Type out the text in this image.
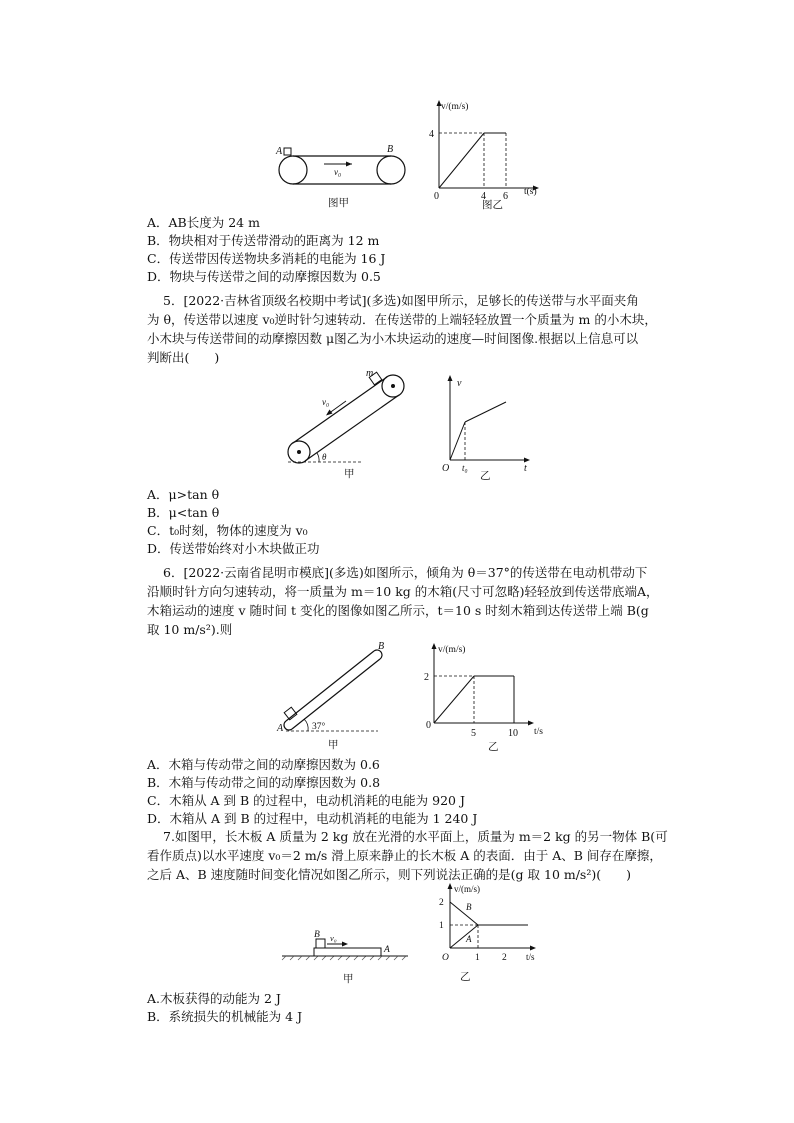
A	B
v₀
图甲
v/(m/s)
t(s)
4
0	4 6
图乙
A．AB长度为 24 m
B．物块相对于传送带滑动的距离为 12 m
C．传送带因传送物块多消耗的电能为 16 J
D．物块与传送带之间的动摩擦因数为 0.5
5．[2022·吉林省顶级名校期中考试](多选)如图甲所示，足够长的传送带与水平面夹角
为 θ，传送带以速度 v₀逆时针匀速转动．在传送带的上端轻轻放置一个质量为 m 的小木块，
小木块与传送带间的动摩擦因数 μ图乙为小木块运动的速度—时间图像.根据以上信息可以
判断出(　　)
m
v₀
θ
甲
v
t
O t₀
乙
A．μ>tan θ
B．μ<tan θ
C．t₀时刻，物体的速度为 v₀
D．传送带始终对小木块做正功
6．[2022·云南省昆明市模底](多选)如图所示，倾角为 θ＝37°的传送带在电动机带动下
沿顺时针方向匀速转动，将一质量为 m＝10 kg 的木箱(尺寸可忽略)轻轻放到传送带底端A，
木箱运动的速度 v 随时间 t 变化的图像如图乙所示，t＝10 s 时刻木箱到达传送带上端 B(g
取 10 m/s²).则
A
B
37°
甲
v/(m/s)
t/s
2
0
5	10
乙
A．木箱与传动带之间的动摩擦因数为 0.6
B．木箱与传动带之间的动摩擦因数为 0.8
C．木箱从 A 到 B 的过程中，电动机消耗的电能为 920 J
D．木箱从 A 到 B 的过程中，电动机消耗的电能为 1 240 J
7.如图甲，长木板 A 质量为 2 kg 放在光滑的水平面上，质量为 m＝2 kg 的另一物体 B(可
看作质点)以水平速度 v₀＝2 m/s 滑上原来静止的长木板 A 的表面．由于 A、B 间存在摩擦，
之后 A、B 速度随时间变化情况如图乙所示，则下列说法正确的是(g 取 10 m/s²)(　　)
B v₀
A
甲
v/(m/s)
t/s
2
1
O	1 2
B
A
乙
A.木板获得的动能为 2 J
B．系统损失的机械能为 4 J
